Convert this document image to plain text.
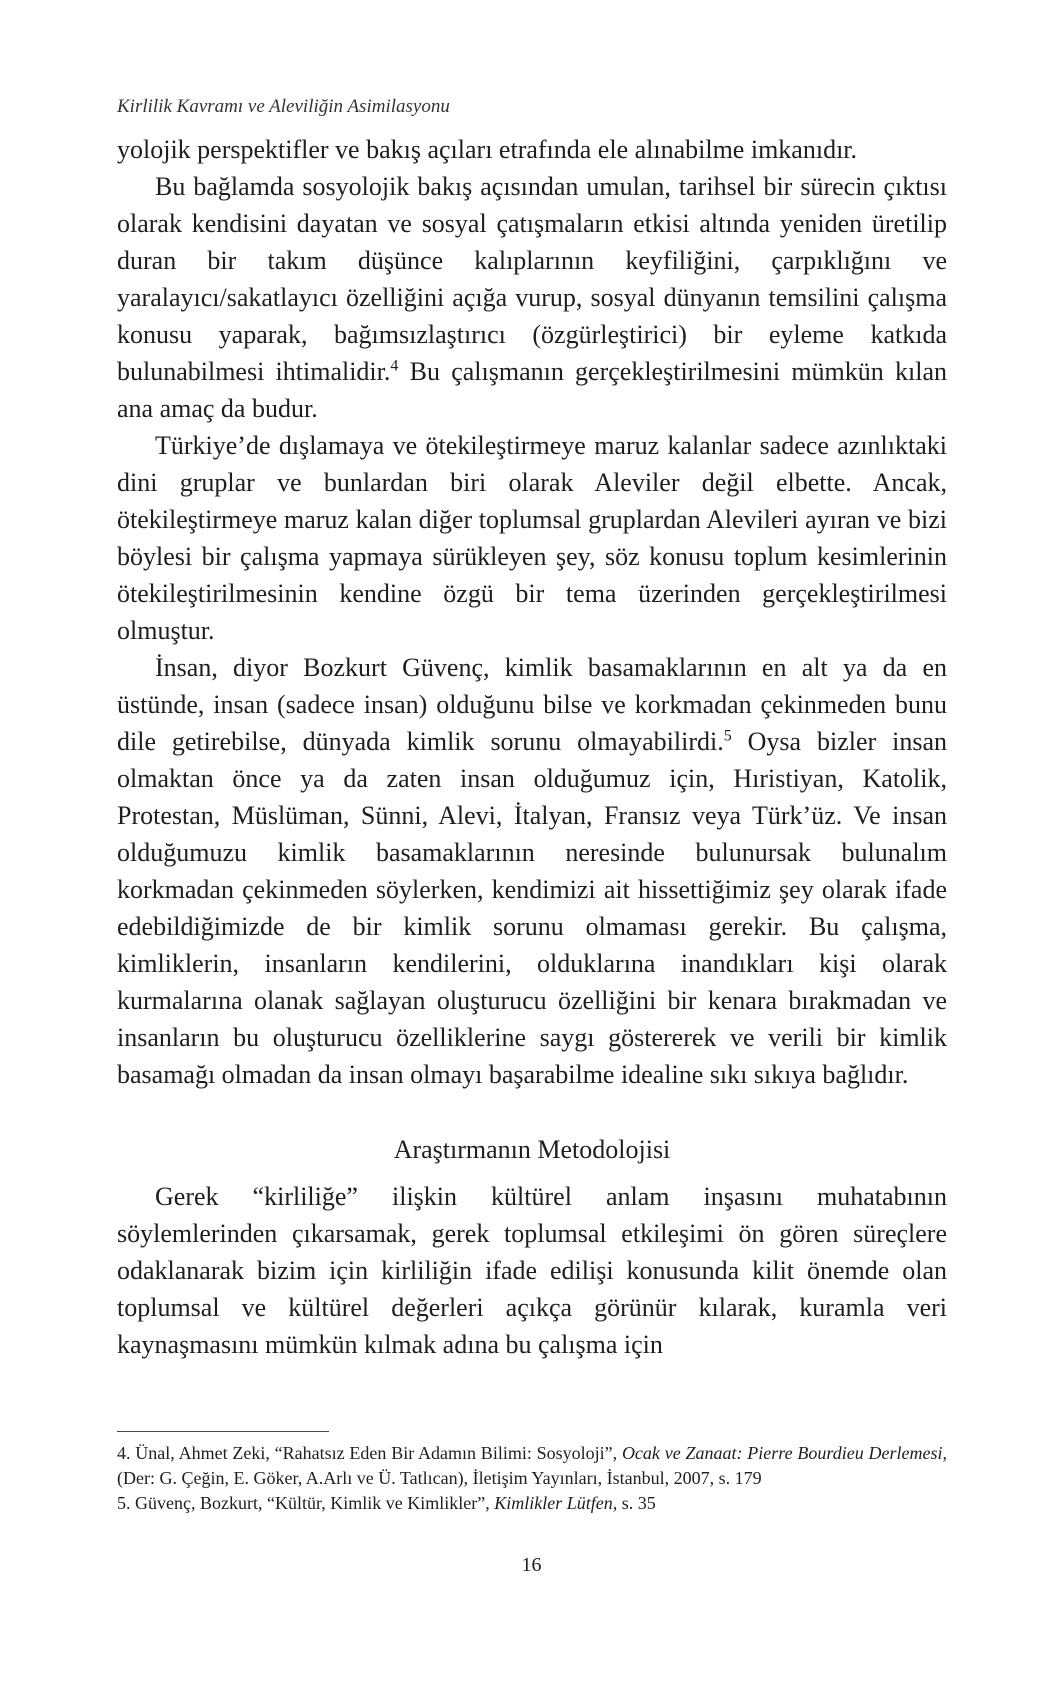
Kirlilik Kavramı ve Aleviliğin Asimilasyonu

yolojik perspektifler ve bakış açıları etrafında ele alınabilme imkanıdır.

Bu bağlamda sosyolojik bakış açısından umulan, tarihsel bir sürecin çıktısı olarak kendisini dayatan ve sosyal çatışmaların etkisi altında yeniden üretilip duran bir takım düşünce kalıplarının keyfiliğini, çarpıklığını ve yaralayıcı/sakatlayıcı özelliğini açığa vurup, sosyal dünyanın temsilini çalışma konusu yaparak, bağımsızlaştırıcı (özgürleştirici) bir eyleme katkıda bulunabilmesi ihtimalidir.$^4$ Bu çalışmanın gerçekleştirilmesini mümkün kılan ana amaç da budur.

Türkiye’de dışlamaya ve ötekileştirmeye maruz kalanlar sadece azınlıktaki dini gruplar ve bunlardan biri olarak Aleviler değil elbette. Ancak, ötekileştirmeye maruz kalan diğer toplumsal gruplardan Alevileri ayıran ve bizi böylesi bir çalışma yapmaya sürükleyen şey, söz konusu toplum kesimlerinin ötekileştirilmesinin kendine özgü bir tema üzerinden gerçekleştirilmesi olmuştur.

İnsan, diyor Bozkurt Güvenç, kimlik basamaklarının en alt ya da en üstünde, insan (sadece insan) olduğunu bilse ve korkmadan çekinmeden bunu dile getirebilse, dünyada kimlik sorunu olmayabilirdi.$^5$ Oysa bizler insan olmaktan önce ya da zaten insan olduğumuz için, Hıristiyan, Katolik, Protestan, Müslüman, Sünni, Alevi, İtalyan, Fransız veya Türk’üz. Ve insan olduğumuzu kimlik basamaklarının neresinde bulunursak bulunalım korkmadan çekinmeden söylerken, kendimizi ait hissettiğimiz şey olarak ifade edebildiğimizde de bir kimlik sorunu olmaması gerekir. Bu çalışma, kimliklerin, insanların kendilerini, olduklarına inandıkları kişi olarak kurmalarına olanak sağlayan oluşturucu özelliğini bir kenara bırakmadan ve insanların bu oluşturucu özelliklerine saygı göstererek ve verili bir kimlik basamağı olmadan da insan olmayı başarabilme idealine sıkı sıkıya bağlıdır.

Araştırmanın Metodolojisi

Gerek “kirliliğe” ilişkin kültürel anlam inşasını muhatabının söylemlerinden çıkarsamak, gerek toplumsal etkileşimi ön gören süreçlere odaklanarak bizim için kirliliğin ifade edilişi konusunda kilit önemde olan toplumsal ve kültürel değerleri açıkça görünür kılarak, kuramla veri kaynaşmasını mümkün kılmak adına bu çalışma için

4. Ünal, Ahmet Zeki, “Rahatsız Eden Bir Adamın Bilimi: Sosyoloji”, Ocak ve Zanaat: Pierre Bourdieu Derlemesi, (Der: G. Çeğin, E. Göker, A.Arlı ve Ü. Tatlıcan), İletişim Yayınları, İstanbul, 2007, s. 179

5. Güvenç, Bozkurt, “Kültür, Kimlik ve Kimlikler”, Kimlikler Lütfen, s. 35

16
